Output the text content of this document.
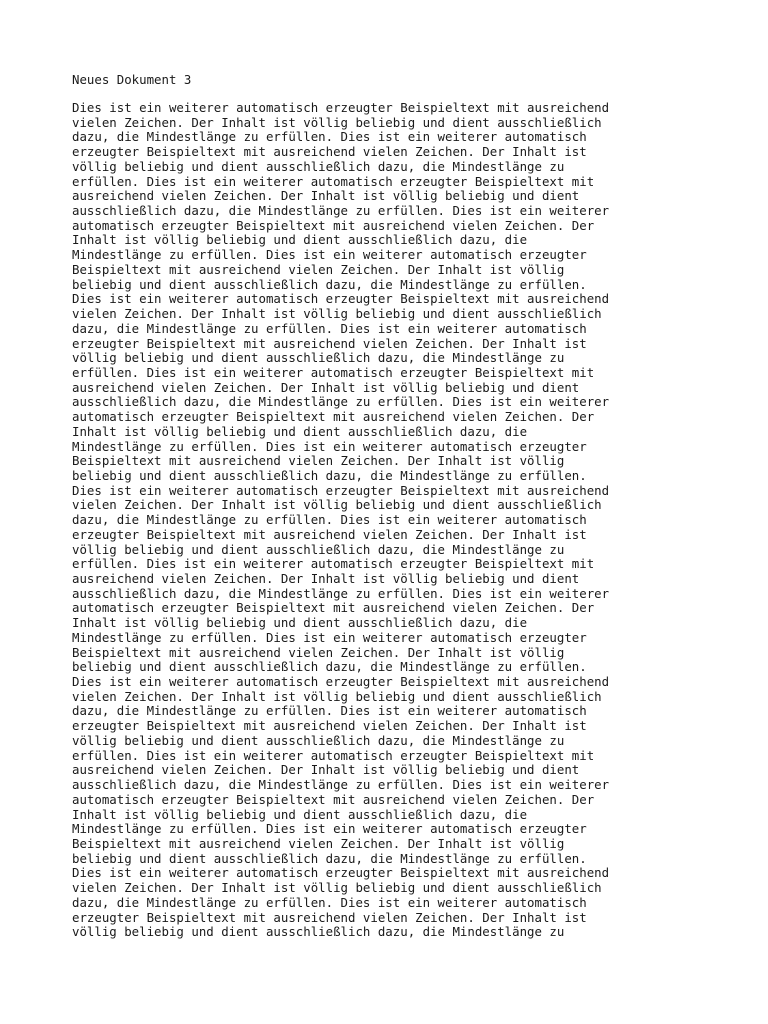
Neues Dokument 3
Dies ist ein weiterer automatisch erzeugter Beispieltext mit ausreichend
vielen Zeichen. Der Inhalt ist völlig beliebig und dient ausschließlich
dazu, die Mindestlänge zu erfüllen. Dies ist ein weiterer automatisch
erzeugter Beispieltext mit ausreichend vielen Zeichen. Der Inhalt ist
völlig beliebig und dient ausschließlich dazu, die Mindestlänge zu
erfüllen. Dies ist ein weiterer automatisch erzeugter Beispieltext mit
ausreichend vielen Zeichen. Der Inhalt ist völlig beliebig und dient
ausschließlich dazu, die Mindestlänge zu erfüllen. Dies ist ein weiterer
automatisch erzeugter Beispieltext mit ausreichend vielen Zeichen. Der
Inhalt ist völlig beliebig und dient ausschließlich dazu, die
Mindestlänge zu erfüllen. Dies ist ein weiterer automatisch erzeugter
Beispieltext mit ausreichend vielen Zeichen. Der Inhalt ist völlig
beliebig und dient ausschließlich dazu, die Mindestlänge zu erfüllen.
Dies ist ein weiterer automatisch erzeugter Beispieltext mit ausreichend
vielen Zeichen. Der Inhalt ist völlig beliebig und dient ausschließlich
dazu, die Mindestlänge zu erfüllen. Dies ist ein weiterer automatisch
erzeugter Beispieltext mit ausreichend vielen Zeichen. Der Inhalt ist
völlig beliebig und dient ausschließlich dazu, die Mindestlänge zu
erfüllen. Dies ist ein weiterer automatisch erzeugter Beispieltext mit
ausreichend vielen Zeichen. Der Inhalt ist völlig beliebig und dient
ausschließlich dazu, die Mindestlänge zu erfüllen. Dies ist ein weiterer
automatisch erzeugter Beispieltext mit ausreichend vielen Zeichen. Der
Inhalt ist völlig beliebig und dient ausschließlich dazu, die
Mindestlänge zu erfüllen. Dies ist ein weiterer automatisch erzeugter
Beispieltext mit ausreichend vielen Zeichen. Der Inhalt ist völlig
beliebig und dient ausschließlich dazu, die Mindestlänge zu erfüllen.
Dies ist ein weiterer automatisch erzeugter Beispieltext mit ausreichend
vielen Zeichen. Der Inhalt ist völlig beliebig und dient ausschließlich
dazu, die Mindestlänge zu erfüllen. Dies ist ein weiterer automatisch
erzeugter Beispieltext mit ausreichend vielen Zeichen. Der Inhalt ist
völlig beliebig und dient ausschließlich dazu, die Mindestlänge zu
erfüllen. Dies ist ein weiterer automatisch erzeugter Beispieltext mit
ausreichend vielen Zeichen. Der Inhalt ist völlig beliebig und dient
ausschließlich dazu, die Mindestlänge zu erfüllen. Dies ist ein weiterer
automatisch erzeugter Beispieltext mit ausreichend vielen Zeichen. Der
Inhalt ist völlig beliebig und dient ausschließlich dazu, die
Mindestlänge zu erfüllen. Dies ist ein weiterer automatisch erzeugter
Beispieltext mit ausreichend vielen Zeichen. Der Inhalt ist völlig
beliebig und dient ausschließlich dazu, die Mindestlänge zu erfüllen.
Dies ist ein weiterer automatisch erzeugter Beispieltext mit ausreichend
vielen Zeichen. Der Inhalt ist völlig beliebig und dient ausschließlich
dazu, die Mindestlänge zu erfüllen. Dies ist ein weiterer automatisch
erzeugter Beispieltext mit ausreichend vielen Zeichen. Der Inhalt ist
völlig beliebig und dient ausschließlich dazu, die Mindestlänge zu
erfüllen. Dies ist ein weiterer automatisch erzeugter Beispieltext mit
ausreichend vielen Zeichen. Der Inhalt ist völlig beliebig und dient
ausschließlich dazu, die Mindestlänge zu erfüllen. Dies ist ein weiterer
automatisch erzeugter Beispieltext mit ausreichend vielen Zeichen. Der
Inhalt ist völlig beliebig und dient ausschließlich dazu, die
Mindestlänge zu erfüllen. Dies ist ein weiterer automatisch erzeugter
Beispieltext mit ausreichend vielen Zeichen. Der Inhalt ist völlig
beliebig und dient ausschließlich dazu, die Mindestlänge zu erfüllen.
Dies ist ein weiterer automatisch erzeugter Beispieltext mit ausreichend
vielen Zeichen. Der Inhalt ist völlig beliebig und dient ausschließlich
dazu, die Mindestlänge zu erfüllen. Dies ist ein weiterer automatisch
erzeugter Beispieltext mit ausreichend vielen Zeichen. Der Inhalt ist
völlig beliebig und dient ausschließlich dazu, die Mindestlänge zu
